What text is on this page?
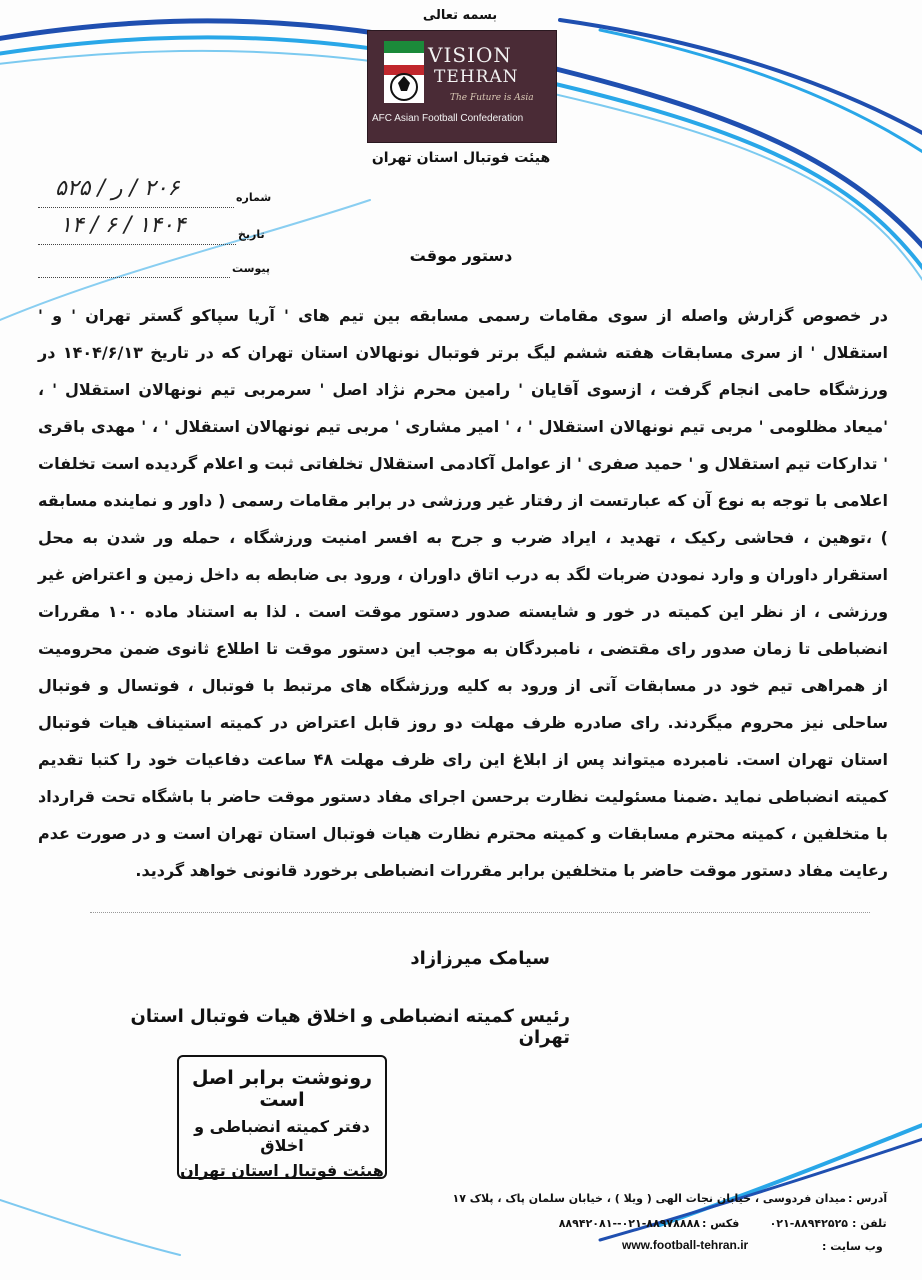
بسمه تعالی
VISION
TEHRAN
The Future is Asia
AFC Asian Football Confederation
هیئت فوتبال استان تهران
شماره
۲۰۶ / ر / ۵۲۵
تاریخ
۱۴۰۴ / ۶ / ۱۴
پیوست
دستور موقت

در خصوص گزارش واصله از سوی مقامات رسمی مسابقه بین تیم های ' آریا سپاکو گستر تهران ' و ' استقلال ' از سری مسابقات هفته ششم لیگ برتر فوتبال نونهالان استان تهران که در تاریخ ۱۴۰۴/۶/۱۳ در ورزشگاه حامی انجام گرفت ، ازسوی آقایان ' رامین محرم نژاد اصل ' سرمربی تیم نونهالان استقلال ' ، 'میعاد مظلومی ' مربی تیم نونهالان استقلال ' ، ' امیر مشاری ' مربی تیم نونهالان استقلال ' ، ' مهدی باقری ' تدارکات تیم استقلال و ' حمید صفری ' از عوامل آکادمی استقلال تخلفاتی ثبت و اعلام گردیده است تخلفات اعلامی با توجه به نوع آن که عبارتست از رفتار غیر ورزشی در برابر مقامات رسمی ( داور و نماینده مسابقه ) ،توهین ، فحاشی رکیک ، تهدید ، ایراد ضرب و جرح به افسر امنیت ورزشگاه ، حمله ور شدن به محل استقرار داوران و وارد نمودن ضربات لگد به درب اتاق داوران ، ورود بی ضابطه به داخل زمین و اعتراض غیر ورزشی ، از نظر این کمیته در خور و شایسته صدور دستور موقت است . لذا به استناد ماده ۱۰۰ مقررات انضباطی تا زمان صدور رای مقتضی ، نامبردگان به موجب این دستور موقت تا اطلاع ثانوی ضمن محرومیت از همراهی تیم خود در مسابقات آتی از ورود به کلیه ورزشگاه های مرتبط با فوتبال ، فوتسال و فوتبال ساحلی نیز محروم میگردند. رای صادره ظرف مهلت دو روز قابل اعتراض در کمیته استیناف هیات فوتبال استان تهران است. نامبرده میتواند پس از ابلاغ این رای ظرف مهلت ۴۸ ساعت دفاعیات خود را کتبا تقدیم کمیته انضباطی نماید .ضمنا مسئولیت نظارت برحسن اجرای مفاد دستور موقت حاضر با باشگاه تحت قرارداد با متخلفین ، کمیته محترم مسابقات و کمیته محترم نظارت هیات فوتبال استان تهران است و در صورت عدم رعایت مفاد دستور موقت حاضر با متخلفین برابر مقررات انضباطی برخورد قانونی خواهد گردید.

سیامک میرزازاد
رئیس کمیته انضباطی و اخلاق هیات فوتبال استان تهران
رونوشت برابر اصل است
دفتر کمیته انضباطی و اخلاق
هیئت فوتبال استان تهران
آدرس :
میدان فردوسی ، خیابان نجات الهی ( ویلا ) ، خیابان سلمان پاک ، پلاک ۱۷
تلفن :
۰۲۱-۸۸۹۴۲۵۲۵
فکس :
۰۲۱-۸۸۹۷۸۸۸۸--۸۸۹۴۲۰۸۱
وب سایت :
www.football-tehran.ir
